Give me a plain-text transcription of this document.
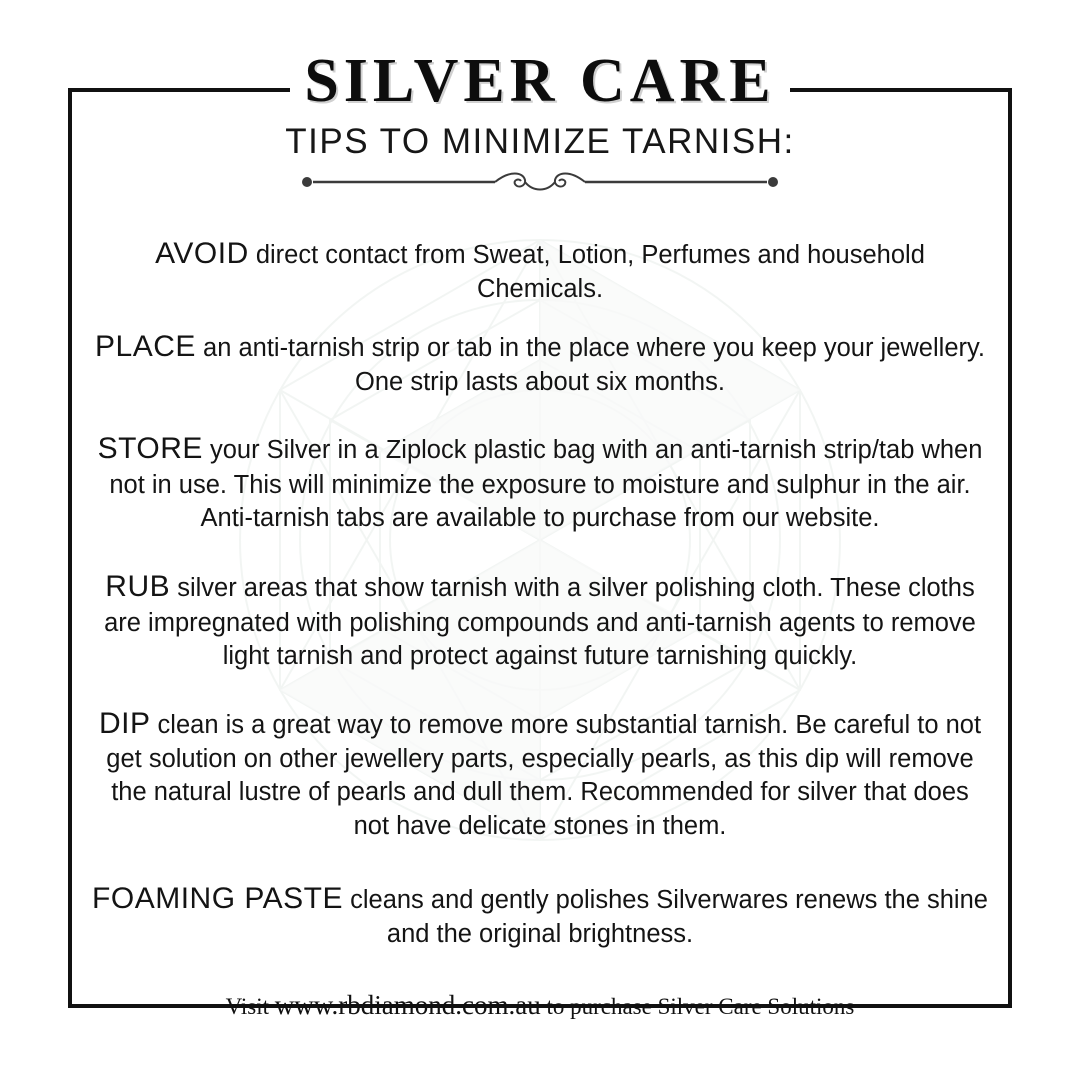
SILVER CARE
TIPS TO MINIMIZE TARNISH:

AVOID direct contact from Sweat, Lotion, Perfumes and household Chemicals.

PLACE an anti-tarnish strip or tab in the place where you keep your jewellery. One strip lasts about six months.

STORE your Silver in a Ziplock plastic bag with an anti-tarnish strip/tab when not in use. This will minimize the exposure to moisture and sulphur in the air. Anti-tarnish tabs are available to purchase from our website.

RUB silver areas that show tarnish with a silver polishing cloth. These cloths are impregnated with polishing compounds and anti-tarnish agents to remove light tarnish and protect against future tarnishing quickly.

DIP clean is a great way to remove more substantial tarnish. Be careful to not get solution on other jewellery parts, especially pearls, as this dip will remove the natural lustre of pearls and dull them. Recommended for silver that does not have delicate stones in them.

FOAMING PASTE cleans and gently polishes Silverwares renews the shine and the original brightness.

Visit www.rbdiamond.com.au to purchase Silver Care Solutions
